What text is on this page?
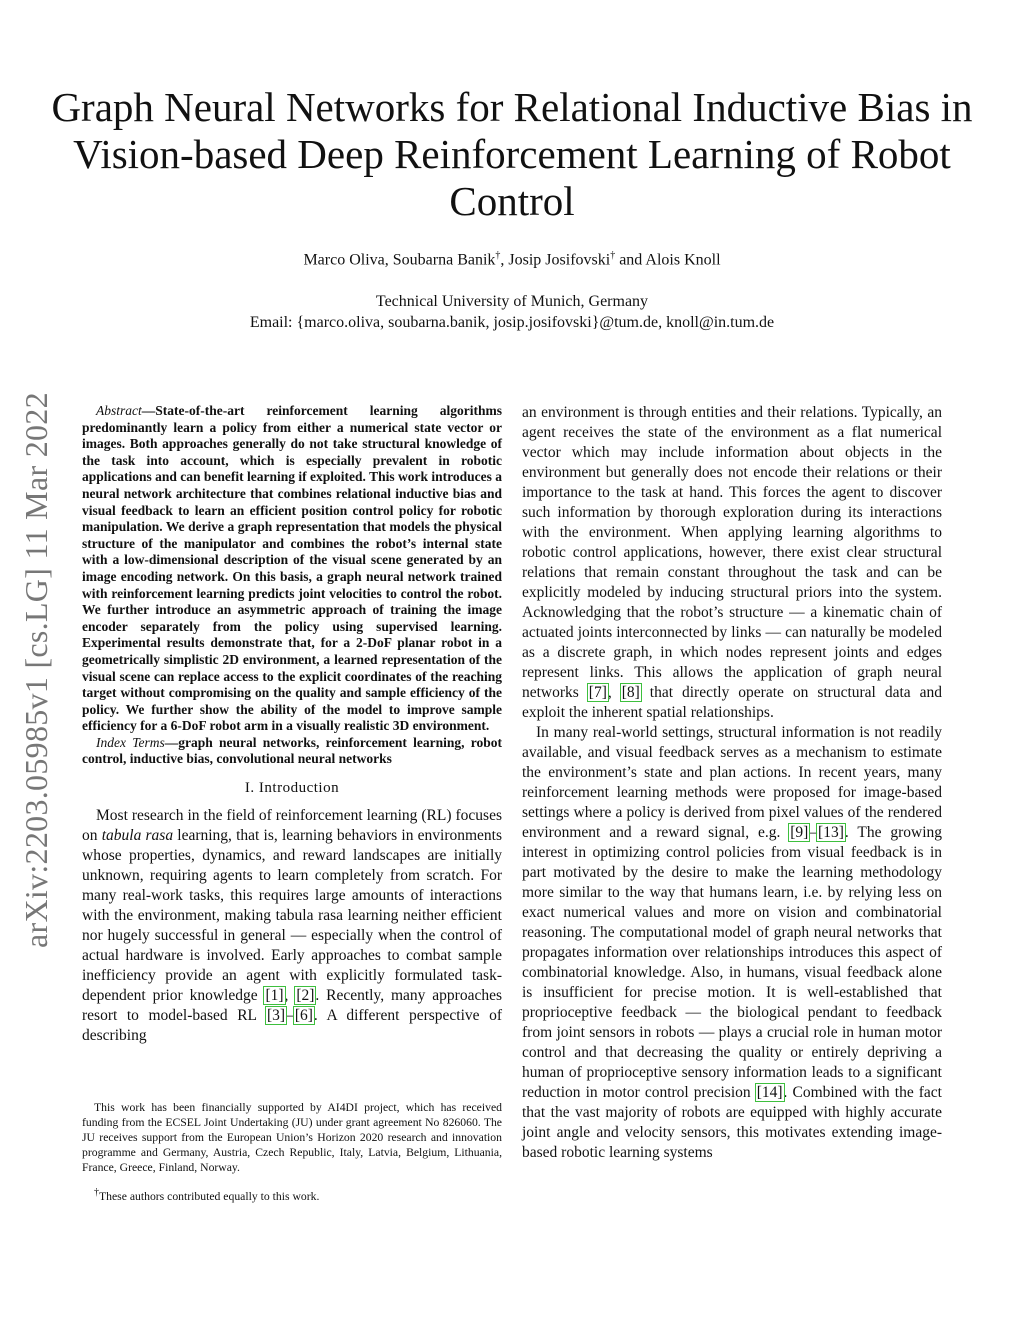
arXiv:2203.05985v1 [cs.LG] 11 Mar 2022
Graph Neural Networks for Relational Inductive Bias in Vision-based Deep Reinforcement Learning of Robot Control
Marco Oliva, Soubarna Banik†, Josip Josifovski† and Alois Knoll
Technical University of Munich, Germany
Email: {marco.oliva, soubarna.banik, josip.josifovski}@tum.de, knoll@in.tum.de

Abstract—State-of-the-art reinforcement learning algorithms predominantly learn a policy from either a numerical state vector or images. Both approaches generally do not take structural knowledge of the task into account, which is especially prevalent in robotic applications and can benefit learning if exploited. This work introduces a neural network architecture that combines relational inductive bias and visual feedback to learn an efficient position control policy for robotic manipulation. We derive a graph representation that models the physical structure of the manipulator and combines the robot’s internal state with a low-dimensional description of the visual scene generated by an image encoding network. On this basis, a graph neural network trained with reinforcement learning predicts joint velocities to control the robot. We further introduce an asymmetric approach of training the image encoder separately from the policy using supervised learning. Experimental results demonstrate that, for a 2-DoF planar robot in a geometrically simplistic 2D environment, a learned representation of the visual scene can replace access to the explicit coordinates of the reaching target without compromising on the quality and sample efficiency of the policy. We further show the ability of the model to improve sample efficiency for a 6-DoF robot arm in a visually realistic 3D environment.

Index Terms—graph neural networks, reinforcement learning, robot control, inductive bias, convolutional neural networks

I. Introduction

Most research in the field of reinforcement learning (RL) focuses on tabula rasa learning, that is, learning behaviors in environments whose properties, dynamics, and reward landscapes are initially unknown, requiring agents to learn completely from scratch. For many real-work tasks, this requires large amounts of interactions with the environment, making tabula rasa learning neither efficient nor hugely successful in general — especially when the control of actual hardware is involved. Early approaches to combat sample inefficiency provide an agent with explicitly formulated task-dependent prior knowledge [1], [2]. Recently, many approaches resort to model-based RL [3]–[6]. A different perspective of describing

an environment is through entities and their relations. Typically, an agent receives the state of the environment as a flat numerical vector which may include information about objects in the environment but generally does not encode their relations or their importance to the task at hand. This forces the agent to discover such information by thorough exploration during its interactions with the environment. When applying learning algorithms to robotic control applications, however, there exist clear structural relations that remain constant throughout the task and can be explicitly modeled by inducing structural priors into the system. Acknowledging that the robot’s structure — a kinematic chain of actuated joints interconnected by links — can naturally be modeled as a discrete graph, in which nodes represent joints and edges represent links. This allows the application of graph neural networks [7], [8] that directly operate on structural data and exploit the inherent spatial relationships.

In many real-world settings, structural information is not readily available, and visual feedback serves as a mechanism to estimate the environment’s state and plan actions. In recent years, many reinforcement learning methods were proposed for image-based settings where a policy is derived from pixel values of the rendered environment and a reward signal, e.g. [9]–[13]. The growing interest in optimizing control policies from visual feedback is in part motivated by the desire to make the learning methodology more similar to the way that humans learn, i.e. by relying less on exact numerical values and more on vision and combinatorial reasoning. The computational model of graph neural networks that propagates information over relationships introduces this aspect of combinatorial knowledge. Also, in humans, visual feedback alone is insufficient for precise motion. It is well-established that proprioceptive feedback — the biological pendant to feedback from joint sensors in robots — plays a crucial role in human motor control and that decreasing the quality or entirely depriving a human of proprioceptive sensory information leads to a significant reduction in motor control precision [14]. Combined with the fact that the vast majority of robots are equipped with highly accurate joint angle and velocity sensors, this motivates extending image-based robotic learning systems

This work has been financially supported by AI4DI project, which has received funding from the ECSEL Joint Undertaking (JU) under grant agreement No 826060. The JU receives support from the European Union’s Horizon 2020 research and innovation programme and Germany, Austria, Czech Republic, Italy, Latvia, Belgium, Lithuania, France, Greece, Finland, Norway.

†These authors contributed equally to this work.
